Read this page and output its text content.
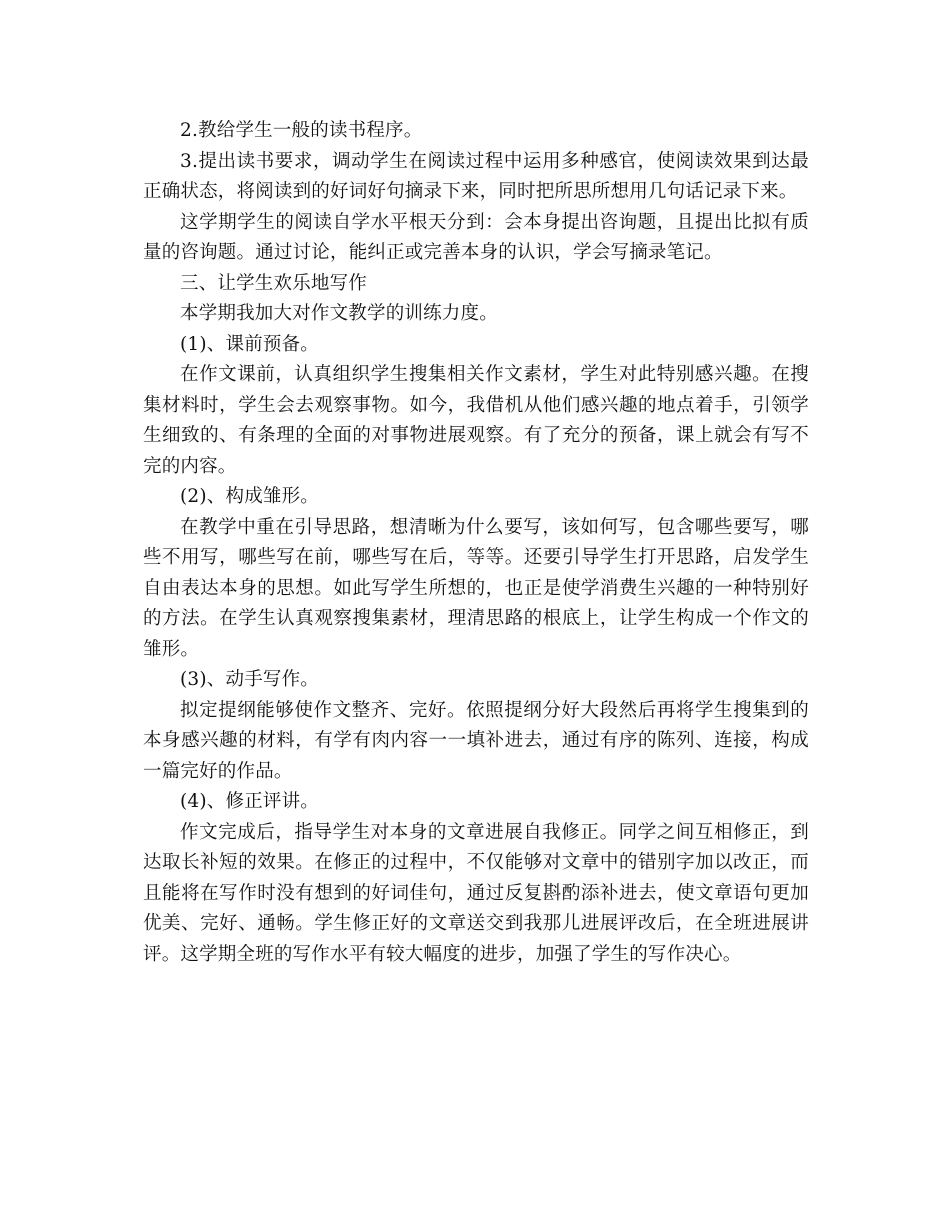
2.教给学生一般的读书程序。

3.提出读书要求，调动学生在阅读过程中运用多种感官，使阅读效果到达最正确状态，将阅读到的好词好句摘录下来，同时把所思所想用几句话记录下来。

这学期学生的阅读自学水平根天分到：会本身提出咨询题，且提出比拟有质量的咨询题。通过讨论，能纠正或完善本身的认识，学会写摘录笔记。

三、让学生欢乐地写作

本学期我加大对作文教学的训练力度。

(1)、课前预备。

在作文课前，认真组织学生搜集相关作文素材，学生对此特别感兴趣。在搜集材料时，学生会去观察事物。如今，我借机从他们感兴趣的地点着手，引领学生细致的、有条理的全面的对事物进展观察。有了充分的预备，课上就会有写不完的内容。

(2)、构成雏形。

在教学中重在引导思路，想清晰为什么要写，该如何写，包含哪些要写，哪些不用写，哪些写在前，哪些写在后，等等。还要引导学生打开思路，启发学生自由表达本身的思想。如此写学生所想的，也正是使学消费生兴趣的一种特别好的方法。在学生认真观察搜集素材，理清思路的根底上，让学生构成一个作文的雏形。

(3)、动手写作。

拟定提纲能够使作文整齐、完好。依照提纲分好大段然后再将学生搜集到的本身感兴趣的材料，有学有肉内容一一填补进去，通过有序的陈列、连接，构成一篇完好的作品。

(4)、修正评讲。

作文完成后，指导学生对本身的文章进展自我修正。同学之间互相修正，到达取长补短的效果。在修正的过程中，不仅能够对文章中的错别字加以改正，而且能将在写作时没有想到的好词佳句，通过反复斟酌添补进去，使文章语句更加优美、完好、通畅。学生修正好的文章送交到我那儿进展评改后，在全班进展讲评。这学期全班的写作水平有较大幅度的进步，加强了学生的写作决心。
